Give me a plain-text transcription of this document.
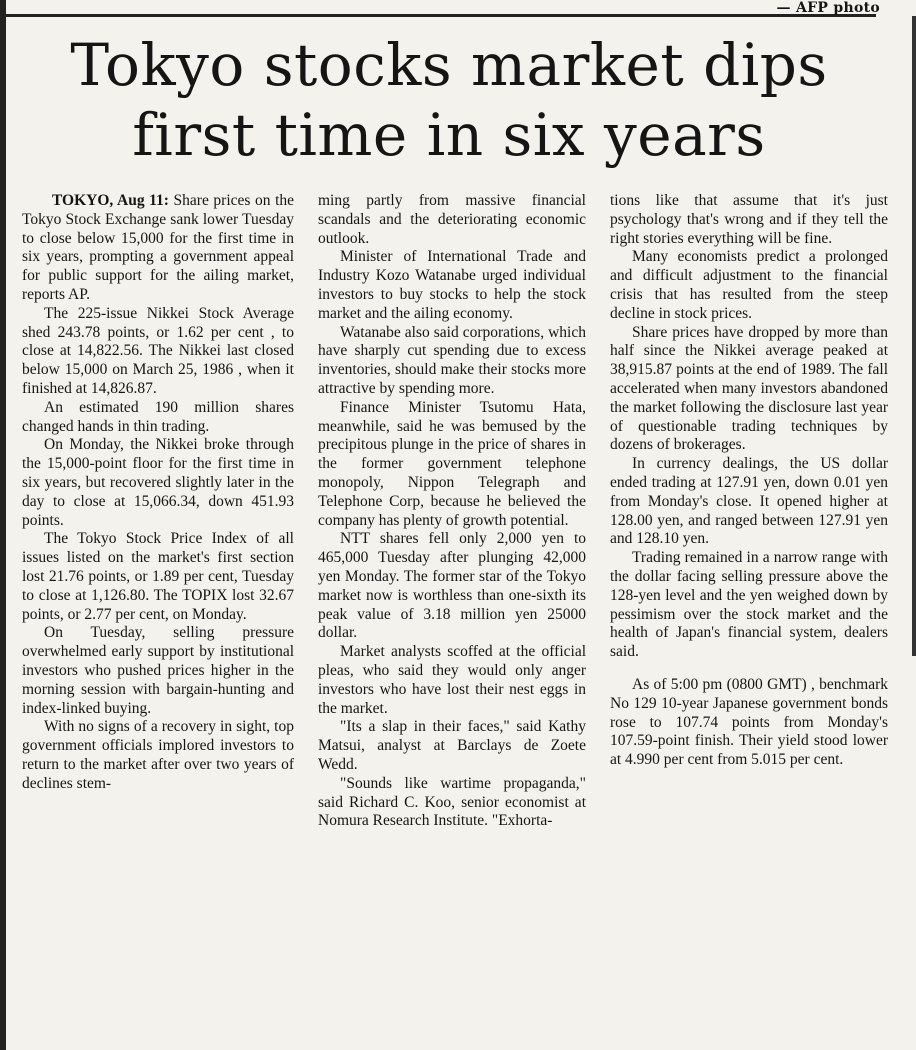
— AFP photo
Tokyo stocks market dips
first time in six years

TOKYO, Aug 11: Share prices on the Tokyo Stock Exchange sank lower Tuesday to close below 15,000 for the first time in six years, prompting a government appeal for public support for the ailing market, reports AP.

The 225-issue Nikkei Stock Average shed 243.78 points, or 1.62 per cent , to close at 14,822.56. The Nikkei last closed below 15,000 on March 25, 1986 , when it finished at 14,826.87.

An estimated 190 million shares changed hands in thin trading.

On Monday, the Nikkei broke through the 15,000-point floor for the first time in six years, but recovered slightly later in the day to close at 15,066.34, down 451.93 points.

The Tokyo Stock Price Index of all issues listed on the market's first section lost 21.76 points, or 1.89 per cent, Tuesday to close at 1,126.80. The TOPIX lost 32.67 points, or 2.77 per cent, on Monday.

On Tuesday, selling pressure overwhelmed early support by institutional investors who pushed prices higher in the morning session with bargain-hunting and index-linked buying.

With no signs of a recovery in sight, top government officials implored investors to return to the market after over two years of declines stem-

ming partly from massive financial scandals and the deteriorating economic outlook.

Minister of International Trade and Industry Kozo Watanabe urged individual investors to buy stocks to help the stock market and the ailing economy.

Watanabe also said corporations, which have sharply cut spending due to excess inventories, should make their stocks more attractive by spending more.

Finance Minister Tsutomu Hata, meanwhile, said he was bemused by the precipitous plunge in the price of shares in the former government telephone monopoly, Nippon Telegraph and Telephone Corp, because he believed the company has plenty of growth potential.

NTT shares fell only 2,000 yen to 465,000 Tuesday after plunging 42,000 yen Monday. The former star of the Tokyo market now is worthless than one-sixth its peak value of 3.18 million yen 25000 dollar.

Market analysts scoffed at the official pleas, who said they would only anger investors who have lost their nest eggs in the market.

"Its a slap in their faces," said Kathy Matsui, analyst at Barclays de Zoete Wedd.

"Sounds like wartime propaganda," said Richard C. Koo, senior economist at Nomura Research Institute. "Exhorta-

tions like that assume that it's just psychology that's wrong and if they tell the right stories everything will be fine.

Many economists predict a prolonged and difficult adjustment to the financial crisis that has resulted from the steep decline in stock prices.

Share prices have dropped by more than half since the Nikkei average peaked at 38,915.87 points at the end of 1989. The fall accelerated when many investors abandoned the market following the disclosure last year of questionable trading techniques by dozens of brokerages.

In currency dealings, the US dollar ended trading at 127.91 yen, down 0.01 yen from Monday's close. It opened higher at 128.00 yen, and ranged between 127.91 yen and 128.10 yen.

Trading remained in a narrow range with the dollar facing selling pressure above the 128-yen level and the yen weighed down by pessimism over the stock market and the health of Japan's financial system, dealers said.

As of 5:00 pm (0800 GMT) , benchmark No 129 10-year Japanese government bonds rose to 107.74 points from Monday's 107.59-point finish. Their yield stood lower at 4.990 per cent from 5.015 per cent.
